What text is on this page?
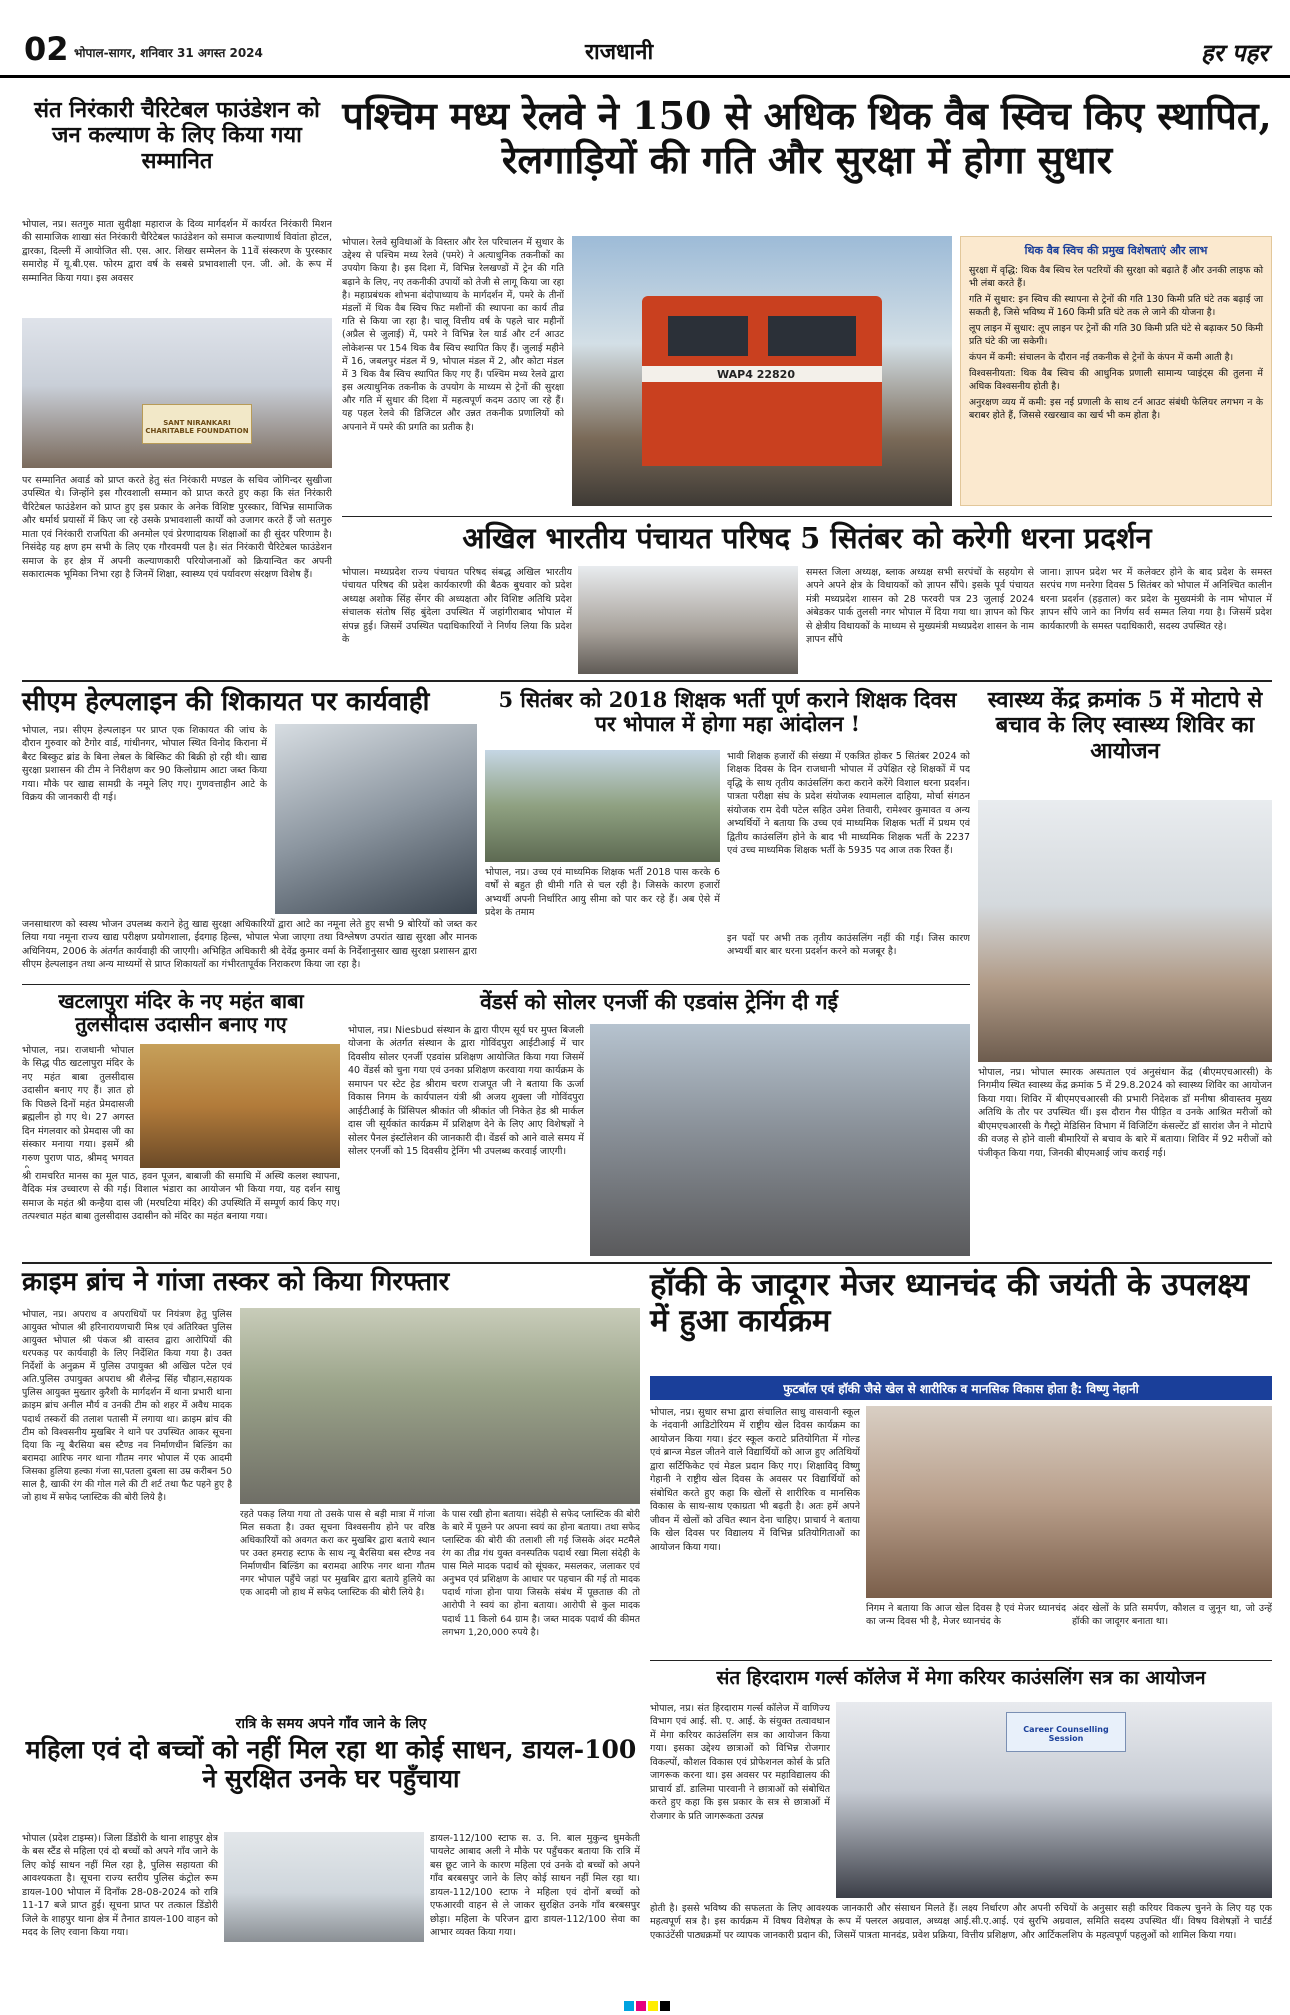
02 भोपाल-सागर, शनिवार 31 अगस्त 2024	राजधानी	हर पहर
संत निरंकारी चैरिटेबल फाउंडेशन को जन कल्याण के लिए किया गया सम्मानित
भोपाल, नप्र। सतगुरु माता सुदीक्षा महाराज के दिव्य मार्गदर्शन में कार्यरत निरंकारी मिशन की सामाजिक शाखा संत निरंकारी चैरिटेबल फाउंडेशन को समाज कल्याणार्थ विवांता होटल, द्वारका, दिल्ली में आयोजित सी. एस. आर. शिखर सम्मेलन के 11वें संस्करण के पुरस्कार समारोह में यू.बी.एस. फोरम द्वारा वर्ष के सबसे प्रभावशाली एन. जी. ओ. के रूप में सम्मानित किया गया। इस अवसर
SANT NIRANKARI CHARITABLE FOUNDATION
पर सम्मानित अवार्ड को प्राप्त करते हेतु संत निरंकारी मण्डल के सचिव जोगिन्दर सुखीजा उपस्थित थे। जिन्होंने इस गौरवशाली सम्मान को प्राप्त करते हुए कहा कि संत निरंकारी चैरिटेबल फाउंडेशन को प्राप्त हुए इस प्रकार के अनेक विशिष्ट पुरस्कार, विभिन्न सामाजिक और धर्मार्थ प्रयासों में किए जा रहे उसके प्रभावशाली कार्यों को उजागर करते हैं जो सतगुरु माता एवं निरंकारी राजपिता की अनमोल एवं प्रेरणादायक शिक्षाओं का ही सुंदर परिणाम है। निसंदेह यह क्षण हम सभी के लिए एक गौरवमयी पल है। संत निरंकारी चैरिटेबल फाउंडेशन समाज के हर क्षेत्र में अपनी कल्याणकारी परियोजनाओं को क्रियान्वित कर अपनी सकारात्मक भूमिका निभा रहा है जिनमें शिक्षा, स्वास्थ्य एवं पर्यावरण संरक्षण विशेष हैं।
पश्चिम मध्य रेलवे ने 150 से अधिक थिक वैब स्विच किए स्थापित, रेलगाड़ियों की गति और सुरक्षा में होगा सुधार
भोपाल। रेलवे सुविधाओं के विस्तार और रेल परिचालन में सुधार के उद्देश्य से पश्चिम मध्य रेलवे (पमरे) ने अत्याधुनिक तकनीकों का उपयोग किया है। इस दिशा में, विभिन्न रेलखण्डों में ट्रेन की गति बढ़ाने के लिए, नए तकनीकी उपायों को तेजी से लागू किया जा रहा है। महाप्रबंधक शोभना बंदोपाध्याय के मार्गदर्शन में, पमरे के तीनों मंडलों में थिक वैब स्विच फिट मशीनों की स्थापना का कार्य तीव्र गति से किया जा रहा है। चालू वित्तीय वर्ष के पहले चार महीनों (अप्रैल से जुलाई) में, पमरे ने विभिन्न रेल यार्ड और टर्न आउट लोकेशन्स पर 154 थिक वैब स्विच स्थापित किए हैं। जुलाई महीने में 16, जबलपुर मंडल में 9, भोपाल मंडल में 2, और कोटा मंडल में 3 थिक वैब स्विच स्थापित किए गए हैं। पश्चिम मध्य रेलवे द्वारा इस अत्याधुनिक तकनीक के उपयोग के माध्यम से ट्रेनों की सुरक्षा और गति में सुधार की दिशा में महत्वपूर्ण कदम उठाए जा रहे हैं। यह पहल रेलवे की डिजिटल और उन्नत तकनीक प्रणालियों को अपनाने में पमरे की प्रगति का प्रतीक है।
WAP4 22820
थिक वैब स्विच की प्रमुख विशेषताएं और लाभ
सुरक्षा में वृद्धि: थिक वैब स्विच रेल पटरियों की सुरक्षा को बढ़ाते हैं और उनकी लाइफ को भी लंबा करते हैं।
गति में सुधार: इन स्विच की स्थापना से ट्रेनों की गति 130 किमी प्रति घंटे तक बढ़ाई जा सकती है, जिसे भविष्य में 160 किमी प्रति घंटे तक ले जाने की योजना है।
लूप लाइन में सुधार: लूप लाइन पर ट्रेनों की गति 30 किमी प्रति घंटे से बढ़ाकर 50 किमी प्रति घंटे की जा सकेगी।
कंपन में कमी: संचालन के दौरान नई तकनीक से ट्रेनों के कंपन में कमी आती है।
विश्वसनीयता: थिक वैब स्विच की आधुनिक प्रणाली सामान्य प्वाइंट्स की तुलना में अधिक विश्वसनीय होती है।
अनुरक्षण व्यय में कमी: इस नई प्रणाली के साथ टर्न आउट संबंधी फेलियर लगभग न के बराबर होते हैं, जिससे रखरखाव का खर्च भी कम होता है।
अखिल भारतीय पंचायत परिषद 5 सितंबर को करेगी धरना प्रदर्शन
भोपाल। मध्यप्रदेश राज्य पंचायत परिषद संबद्ध अखिल भारतीय पंचायत परिषद की प्रदेश कार्यकारणी की बैठक बुधवार को प्रदेश अध्यक्ष अशोक सिंह सेंगर की अध्यक्षता और विशिष्ट अतिथि प्रदेश संचालक संतोष सिंह बुंदेला उपस्थित में जहांगीराबाद भोपाल में संपन्न हुई। जिसमें उपस्थित पदाधिकारियों ने निर्णय लिया कि प्रदेश के
समस्त जिला अध्यक्ष, ब्लाक अध्यक्ष सभी सरपंचों के सहयोग से अपने अपने क्षेत्र के विधायकों को ज्ञापन सौंपे। इसके पूर्व पंचायत मंत्री मध्यप्रदेश शासन को 28 फरवरी पत्र 23 जुलाई 2024 अंबेडकर पार्क तुलसी नगर भोपाल में दिया गया था। ज्ञापन को फिर से क्षेत्रीय विधायकों के माध्यम से मुख्यमंत्री मध्यप्रदेश शासन के नाम ज्ञापन सौंपे
जाना। ज्ञापन प्रदेश भर में कलेक्टर होने के बाद प्रदेश के समस्त सरपंच गण मनरेगा दिवस 5 सितंबर को भोपाल में अनिश्चित कालीन धरना प्रदर्शन (हड़ताल) कर प्रदेश के मुख्यमंत्री के नाम भोपाल में ज्ञापन सौंपे जाने का निर्णय सर्व सम्मत लिया गया है। जिसमें प्रदेश कार्यकारणी के समस्त पदाधिकारी, सदस्य उपस्थित रहे।
सीएम हेल्पलाइन की शिकायत पर कार्यवाही
भोपाल, नप्र। सीएम हेल्पलाइन पर प्राप्त एक शिकायत की जांच के दौरान गुरुवार को टैगोर वार्ड, गांधीनगर, भोपाल स्थित विनोद किराना में बैरट बिस्कुट ब्रांड के बिना लेबल के बिस्किट की बिक्री हो रही थी। खाद्य सुरक्षा प्रशासन की टीम ने निरीक्षण कर 90 किलोग्राम आटा जब्त किया गया। मौके पर खाद्य सामग्री के नमूने लिए गए। गुणवत्ताहीन आटे के विक्रय की जानकारी दी गई।
जनसाधारण को स्वस्थ भोजन उपलब्ध कराने हेतु खाद्य सुरक्षा अधिकारियों द्वारा आटे का नमूना लेते हुए सभी 9 बोरियों को जब्त कर लिया गया नमूना राज्य खाद्य परीक्षण प्रयोगशाला, ईदगाह हिल्स, भोपाल भेजा जाएगा तथा विश्लेषण उपरांत खाद्य सुरक्षा और मानक अधिनियम, 2006 के अंतर्गत कार्यवाही की जाएगी। अभिहित अधिकारी श्री देवेंद्र कुमार वर्मा के निर्देशानुसार खाद्य सुरक्षा प्रशासन द्वारा सीएम हेल्पलाइन तथा अन्य माध्यमों से प्राप्त शिकायतों का गंभीरतापूर्वक निराकरण किया जा रहा है।
5 सितंबर को 2018 शिक्षक भर्ती पूर्ण कराने शिक्षक दिवस पर भोपाल में होगा महा आंदोलन !
भावी शिक्षक हजारों की संख्या में एकत्रित होकर 5 सितंबर 2024 को शिक्षक दिवस के दिन राजधानी भोपाल में उपेक्षित रहे शिक्षकों में पद वृद्धि के साथ तृतीय काउंसलिंग करा कराने करेंगे विशाल धरना प्रदर्शन। पात्रता परीक्षा संघ के प्रदेश संयोजक श्यामलाल दाहिया, मोर्चा संगठन संयोजक राम देवी पटेल सहित उमेश तिवारी, रामेश्वर कुमावत व अन्य अभ्यर्थियों ने बताया कि उच्च एवं माध्यमिक शिक्षक भर्ती में प्रथम एवं द्वितीय काउंसलिंग होने के बाद भी माध्यमिक शिक्षक भर्ती के 2237 एवं उच्च माध्यमिक शिक्षक भर्ती के 5935 पद आज तक रिक्त हैं।
भोपाल, नप्र। उच्च एवं माध्यमिक शिक्षक भर्ती 2018 पास करके 6 वर्षों से बहुत ही धीमी गति से चल रही है। जिसके कारण हजारों अभ्यर्थी अपनी निर्धारित आयु सीमा को पार कर रहे हैं। अब ऐसे में प्रदेश के तमाम
इन पदों पर अभी तक तृतीय काउंसलिंग नहीं की गई। जिस कारण अभ्यर्थी बार बार धरना प्रदर्शन करने को मजबूर है।
स्वास्थ्य केंद्र क्रमांक 5 में मोटापे से बचाव के लिए स्वास्थ्य शिविर का आयोजन
भोपाल, नप्र। भोपाल स्मारक अस्पताल एवं अनुसंधान केंद्र (बीएमएचआरसी) के निगमीय स्थित स्वास्थ्य केंद्र क्रमांक 5 में 29.8.2024 को स्वास्थ्य शिविर का आयोजन किया गया। शिविर में बीएमएचआरसी की प्रभारी निदेशक डॉ मनीषा श्रीवास्तव मुख्य अतिथि के तौर पर उपस्थित थीं। इस दौरान गैस पीड़ित व उनके आश्रित मरीजों को बीएमएचआरसी के गैस्ट्रो मेडिसिन विभाग में विजिटिंग कंसल्टेंट डॉ सारांश जैन ने मोटापे की वजह से होने वाली बीमारियों से बचाव के बारे में बताया। शिविर में 92 मरीजों को पंजीकृत किया गया, जिनकी बीएमआई जांच कराई गई।
खटलापुरा मंदिर के नए महंत बाबा तुलसीदास उदासीन बनाए गए
भोपाल, नप्र। राजधानी भोपाल के सिद्ध पीठ खटलापुरा मंदिर के नए महंत बाबा तुलसीदास उदासीन बनाए गए हैं। ज्ञात हो कि पिछले दिनों महंत प्रेमदासजी ब्रह्मलीन हो गए थे। 27 अगस्त दिन मंगलवार को प्रेमदास जी का संस्कार मनाया गया। इसमें श्री गरुण पुराण पाठ, श्रीमद् भगवत
श्री रामचरित मानस का मूल पाठ, हवन पूजन, बाबाजी की समाधि में अस्थि कलश स्थापना, वैदिक मंत्र उच्चारण से की गई। विशाल भंडारा का आयोजन भी किया गया, यह दर्शन साधु समाज के महंत श्री कन्हैया दास जी (मरघटिया मंदिर) की उपस्थिति में सम्पूर्ण कार्य किए गए। तत्पश्चात महंत बाबा तुलसीदास उदासीन को मंदिर का महंत बनाया गया।
वेंडर्स को सोलर एनर्जी की एडवांस ट्रेनिंग दी गई
भोपाल, नप्र। Niesbud संस्थान के द्वारा पीएम सूर्य घर मुफ्त बिजली योजना के अंतर्गत संस्थान के द्वारा गोविंदपुरा आईटीआई में चार दिवसीय सोलर एनर्जी एडवांस प्रशिक्षण आयोजित किया गया जिसमें 40 वेंडर्स को चुना गया एवं उनका प्रशिक्षण करवाया गया कार्यक्रम के समापन पर स्टेट हेड श्रीराम चरण राजपूत जी ने बताया कि ऊर्जा विकास निगम के कार्यपालन यंत्री श्री अजय शुक्ला जी गोविंदपुरा आईटीआई के प्रिंसिपल श्रीकांत जी श्रीकांत जी निकेत हेड श्री मार्कल दास जी सूर्यकांत कार्यक्रम में प्रशिक्षण देने के लिए आए विशेषज्ञों ने सोलर पैनल इंस्टॉलेशन की जानकारी दी। वेंडर्स को आने वाले समय में सोलर एनर्जी को 15 दिवसीय ट्रेनिंग भी उपलब्ध करवाई जाएगी।
क्राइम ब्रांच ने गांजा तस्कर को किया गिरफ्तार
भोपाल, नप्र। अपराध व अपराधियों पर नियंत्रण हेतु पुलिस आयुक्त भोपाल श्री हरिनारायणचारी मिश्र एवं अतिरिक्त पुलिस आयुक्त भोपाल श्री पंकज श्री वास्तव द्वारा आरोपियों की धरपकड़ पर कार्यवाही के लिए निर्देशित किया गया है। उक्त निर्देशों के अनुक्रम में पुलिस उपायुक्त श्री अखिल पटेल एवं अति.पुलिस उपायुक्त अपराध श्री शैलेन्द्र सिंह चौहान,सहायक पुलिस आयुक्त मुख्तार कुरैशी के मार्गदर्शन में थाना प्रभारी थाना क्राइम ब्रांच अनील मौर्य व उनकी टीम को शहर में अवैध मादक पदार्थ तस्करों की तलाश पतासी में लगाया था। क्राइम ब्रांच की टीम को विश्वसनीय मुखबिर ने थाने पर उपस्थित आकर सूचना दिया कि न्यू बैरसिया बस स्टैण्ड नव निर्माणधीन बिल्डिंग का बरामदा आरिफ नगर थाना गौतम नगर भोपाल में एक आदमी जिसका हुलिया हल्का गंजा सा,पतला दुबला सा उम्र करीबन 50 साल है, खाकी रंग की गोल गले की टी शर्ट तथा फैट पहने हुए है जो हाथ में सफेद प्लास्टिक की बोरी लिये है।
रहते पकड़ लिया गया तो उसके पास से बड़ी मात्रा में गांजा मिल सकता है। उक्त सूचना विश्वसनीय होने पर वरिष्ठ अधिकारियों को अवगत करा कर मुखबिर द्वारा बताये स्थान पर उक्त हमराह स्टाफ के साथ न्यू बैरसिया बस स्टैण्ड नव निर्माणधीन बिल्डिंग का बरामदा आरिफ नगर थाना गौतम नगर भोपाल पहुँचे जहां पर मुखबिर द्वारा बताये हुलिये का एक आदमी जो हाथ में सफेद प्लास्टिक की बोरी लिये है।
के पास रखी होना बताया। संदेही से सफेद प्लास्टिक की बोरी के बारे में पूछने पर अपना स्वयं का होना बताया। तथा सफेद प्लास्टिक की बोरी की तलाशी ली गई जिसके अंदर मटमैले रंग का तीव्र गंध युक्त वनस्पतिक पदार्थ रखा मिला संदेही के पास मिले मादक पदार्थ को सूंघकर, मसलकर, जलाकर एवं अनुभव एवं प्रशिक्षण के आधार पर पहचान की गई तो मादक पदार्थ गांजा होना पाया जिसके संबंध में पूछताछ की तो आरोपी ने स्वयं का होना बताया। आरोपी से कुल मादक पदार्थ 11 किलो 64 ग्राम है। जब्त मादक पदार्थ की कीमत लगभग 1,20,000 रुपये है।
हॉकी के जादूगर मेजर ध्यानचंद की जयंती के उपलक्ष्य में हुआ कार्यक्रम
फुटबॉल एवं हॉकी जैसे खेल से शारीरिक व मानसिक विकास होता है: विष्णु नेहानी
भोपाल, नप्र। सुधार सभा द्वारा संचालित साधु वासवानी स्कूल के नंदवानी आडिटोरियम में राष्ट्रीय खेल दिवस कार्यक्रम का आयोजन किया गया। इंटर स्कूल कराटे प्रतियोगिता में गोल्ड एवं ब्रान्ज मेडल जीतने वाले विद्यार्थियों को आज हुए अतिथियों द्वारा सर्टिफिकेट एवं मेडल प्रदान किए गए। शिक्षाविद् विष्णु गेहानी ने राष्ट्रीय खेल दिवस के अवसर पर विद्यार्थियों को संबोधित करते हुए कहा कि खेलों से शारीरिक व मानसिक विकास के साथ-साथ एकाग्रता भी बढ़ती है। अतः हमें अपने जीवन में खेलों को उचित स्थान देना चाहिए। प्राचार्य ने बताया कि खेल दिवस पर विद्यालय में विभिन्न प्रतियोगिताओं का आयोजन किया गया।
निगम ने बताया कि आज खेल दिवस है एवं मेजर ध्यानचंद का जन्म दिवस भी है, मेजर ध्यानचंद के
अंदर खेलों के प्रति समर्पण, कौशल व जुनून था, जो उन्हें हॉकी का जादूगर बनाता था।
रात्रि के समय अपने गाँव जाने के लिए
महिला एवं दो बच्चों को नहीं मिल रहा था कोई साधन, डायल-100 ने सुरक्षित उनके घर पहुँचाया
भोपाल (प्रदेश टाइम्स)। जिला डिंडोरी के थाना शाहपुर क्षेत्र के बस स्टैंड से महिला एवं दो बच्चों को अपने गाँव जाने के लिए कोई साधन नहीं मिल रहा है, पुलिस सहायता की आवश्यकता है। सूचना राज्य स्तरीय पुलिस कंट्रोल रूम डायल-100 भोपाल में दिनाँक 28-08-2024 को रात्रि 11-17 बजे प्राप्त हुई। सूचना प्राप्त पर तत्काल डिंडोरी जिले के शाहपुर थाना क्षेत्र में तैनात डायल-100 वाहन को मदद के लिए रवाना किया गया।
डायल-112/100 स्टाफ स. उ. नि. बाल मुकुन्द धुमकेती पायलेट आबाद अली ने मौके पर पहुँचकर बताया कि रात्रि में बस छूट जाने के कारण महिला एवं उनके दो बच्चों को अपने गाँव बरबसपुर जाने के लिए कोई साधन नहीं मिल रहा था। डायल-112/100 स्टाफ ने महिला एवं दोनों बच्चों को एफआरवी वाहन से ले जाकर सुरक्षित उनके गाँव बरबसपुर छोड़ा। महिला के परिजन द्वारा डायल-112/100 सेवा का आभार व्यक्त किया गया।
संत हिरदाराम गर्ल्स कॉलेज में मेगा करियर काउंसलिंग सत्र का आयोजन
भोपाल, नप्र। संत हिरदाराम गर्ल्स कॉलेज में वाणिज्य विभाग एवं आई. सी. ए. आई. के संयुक्त तत्वावधान में मेगा करियर काउंसलिंग सत्र का आयोजन किया गया। इसका उद्देश्य छात्राओं को विभिन्न रोजगार विकल्पों, कौशल विकास एवं प्रोफेशनल कोर्स के प्रति जागरूक करना था। इस अवसर पर महाविद्यालय की प्राचार्य डॉ. डालिमा पारवानी ने छात्राओं को संबोधित करते हुए कहा कि इस प्रकार के सत्र से छात्राओं में रोजगार के प्रति जागरूकता उत्पन्न
Career Counselling Session
होती है। इससे भविष्य की सफलता के लिए आवश्यक जानकारी और संसाधन मिलते हैं। लक्ष्य निर्धारण और अपनी रुचियों के अनुसार सही करियर विकल्प चुनने के लिए यह एक महत्वपूर्ण सत्र है। इस कार्यक्रम में विषय विशेषज्ञ के रूप में फ्लरल अग्रवाल, अध्यक्ष आई.सी.ए.आई. एवं सुरभि अग्रवाल, समिति सदस्य उपस्थित थीं। विषय विशेषज्ञों ने चार्टर्ड एकाउंटेंसी पाठ्यक्रमों पर व्यापक जानकारी प्रदान की, जिसमें पात्रता मानदंड, प्रवेश प्रक्रिया, वित्तीय प्रशिक्षण, और आर्टिकलशिप के महत्वपूर्ण पहलुओं को शामिल किया गया।
